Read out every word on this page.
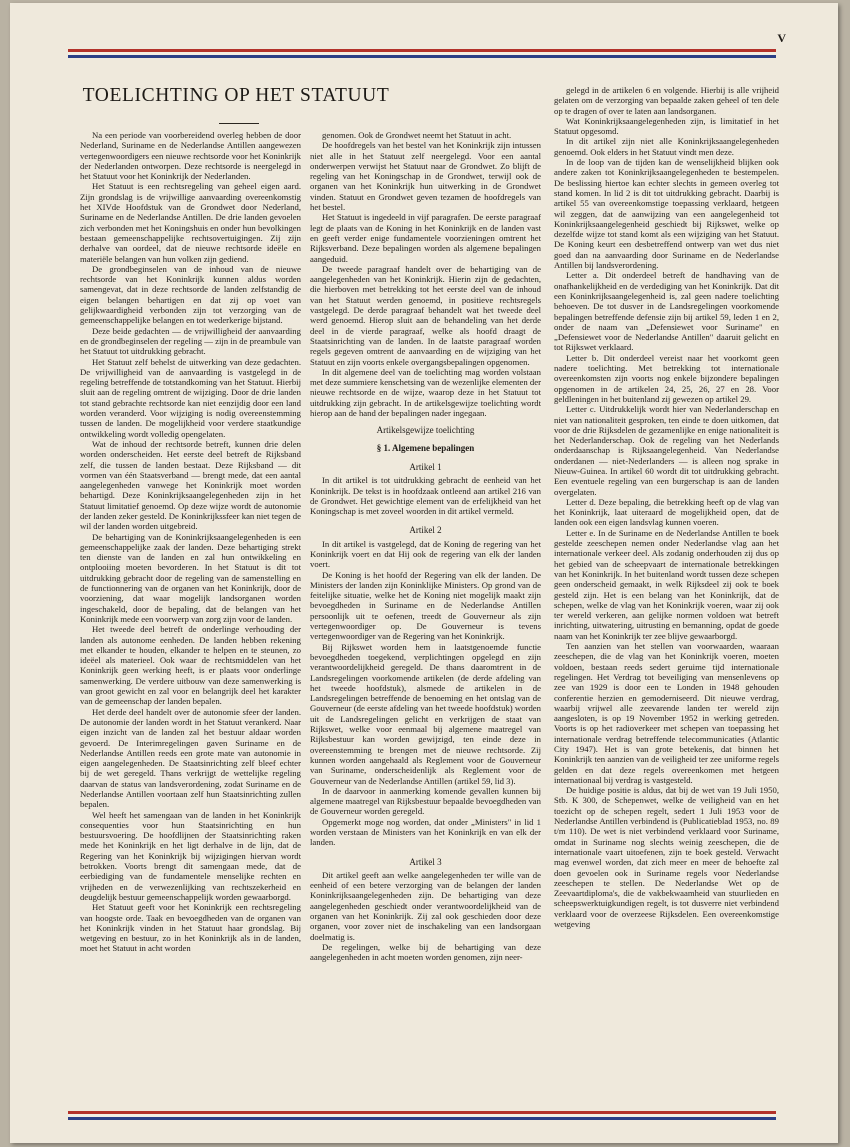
V
TOELICHTING OP HET STATUUT

Na een periode van voorbereidend overleg hebben de door Nederland, Suriname en de Nederlandse Antillen aangewezen vertegenwoordigers een nieuwe rechtsorde voor het Koninkrijk der Nederlanden ontworpen. Deze rechtsorde is neergelegd in het Statuut voor het Koninkrijk der Nederlanden.

Het Statuut is een rechtsregeling van geheel eigen aard. Zijn grondslag is de vrijwillige aanvaarding overeenkomstig het XIVde Hoofdstuk van de Grondwet door Nederland, Suriname en de Nederlandse Antillen. De drie landen gevoelen zich verbonden met het Koningshuis en onder hun bevolkingen bestaan gemeenschappelijke rechtsovertuigingen. Zij zijn derhalve van oordeel, dat de nieuwe rechtsorde ideële en materiële belangen van hun volken zijn gediend.

De grondbeginselen van de inhoud van de nieuwe rechtsorde van het Koninkrijk kunnen aldus worden samengevat, dat in deze rechtsorde de landen zelfstandig de eigen belangen behartigen en dat zij op voet van gelijkwaardigheid verbonden zijn tot verzorging van de gemeenschappelijke belangen en tot wederkerige bijstand.

Deze beide gedachten — de vrijwilligheid der aanvaarding en de grondbeginselen der regeling — zijn in de preambule van het Statuut tot uitdrukking gebracht.

Het Statuut zelf behelst de uitwerking van deze gedachten. De vrijwilligheid van de aanvaarding is vastgelegd in de regeling betreffende de totstandkoming van het Statuut. Hierbij sluit aan de regeling omtrent de wijziging. Door de drie landen tot stand gebrachte rechtsorde kan niet eenzijdig door een land worden veranderd. Voor wijziging is nodig overeenstemming tussen de landen. De mogelijkheid voor verdere staatkundige ontwikkeling wordt volledig opengelaten.

Wat de inhoud der rechtsorde betreft, kunnen drie delen worden onderscheiden. Het eerste deel betreft de Rijksband zelf, die tussen de landen bestaat. Deze Rijksband — dit vormen van één Staatsverband — brengt mede, dat een aantal aangelegenheden vanwege het Koninkrijk moet worden behartigd. Deze Koninkrijksaangelegenheden zijn in het Statuut limitatief genoemd. Op deze wijze wordt de autonomie der landen zeker gesteld. De Koninkrijkssfeer kan niet tegen de wil der landen worden uitgebreid.

De behartiging van de Koninkrijksaangelegenheden is een gemeenschappelijke zaak der landen. Deze behartiging strekt ten dienste van de landen en zal hun ontwikkeling en ontplooiing moeten bevorderen. In het Statuut is dit tot uitdrukking gebracht door de regeling van de samenstelling en de functionnering van de organen van het Koninkrijk, door de voorziening, dat waar mogelijk landsorganen worden ingeschakeld, door de bepaling, dat de belangen van het Koninkrijk mede een voorwerp van zorg zijn voor de landen.

Het tweede deel betreft de onderlinge verhouding der landen als autonome eenheden. De landen hebben rekening met elkander te houden, elkander te helpen en te steunen, zo ideëel als materieel. Ook waar de rechtsmiddelen van het Koninkrijk geen werking heeft, is er plaats voor onderlinge samenwerking. De verdere uitbouw van deze samenwerking is van groot gewicht en zal voor en belangrijk deel het karakter van de gemeenschap der landen bepalen.

Het derde deel handelt over de autonomie sfeer der landen. De autonomie der landen wordt in het Statuut verankerd. Naar eigen inzicht van de landen zal het bestuur aldaar worden gevoerd. De Interimregelingen gaven Suriname en de Nederlandse Antillen reeds een grote mate van autonomie in eigen aangelegenheden. De Staatsinrichting zelf bleef echter bij de wet geregeld. Thans verkrijgt de wettelijke regeling daarvan de status van landsverordening, zodat Suriname en de Nederlandse Antillen voortaan zelf hun Staatsinrichting zullen bepalen.

Wel heeft het samengaan van de landen in het Koninkrijk consequenties voor hun Staatsinrichting en hun bestuursvoering. De hoofdlijnen der Staatsinrichting raken mede het Koninkrijk en het ligt derhalve in de lijn, dat de Regering van het Koninkrijk bij wijzigingen hiervan wordt betrokken. Voorts brengt dit samengaan mede, dat de eerbiediging van de fundamentele menselijke rechten en vrijheden en de verwezenlijking van rechtszekerheid en deugdelijk bestuur gemeenschappelijk worden gewaarborgd.

Het Statuut geeft voor het Koninkrijk een rechtsregeling van hoogste orde. Taak en bevoegdheden van de organen van het Koninkrijk vinden in het Statuut haar grondslag. Bij wetgeving en bestuur, zo in het Koninkrijk als in de landen, moet het Statuut in acht worden

genomen. Ook de Grondwet neemt het Statuut in acht.

De hoofdregels van het bestel van het Koninkrijk zijn intussen niet alle in het Statuut zelf neergelegd. Voor een aantal onderwerpen verwijst het Statuut naar de Grondwet. Zo blijft de regeling van het Koningschap in de Grondwet, terwijl ook de organen van het Koninkrijk hun uitwerking in de Grondwet vinden. Statuut en Grondwet geven tezamen de hoofdregels van het bestel.

Het Statuut is ingedeeld in vijf paragrafen. De eerste paragraaf legt de plaats van de Koning in het Koninkrijk en de landen vast en geeft verder enige fundamentele voorzieningen omtrent het Rijksverband. Deze bepalingen worden als algemene bepalingen aangeduid.

De tweede paragraaf handelt over de behartiging van de aangelegenheden van het Koninkrijk. Hierin zijn de gedachten, die hierboven met betrekking tot het eerste deel van de inhoud van het Statuut werden genoemd, in positieve rechtsregels vastgelegd. De derde paragraaf behandelt wat het tweede deel werd genoemd. Hierop sluit aan de behandeling van het derde deel in de vierde paragraaf, welke als hoofd draagt de Staatsinrichting van de landen. In de laatste paragraaf worden regels gegeven omtrent de aanvaarding en de wijziging van het Statuut en zijn voorts enkele overgangsbepalingen opgenomen.

In dit algemene deel van de toelichting mag worden volstaan met deze summiere kenschetsing van de wezenlijke elementen der nieuwe rechtsorde en de wijze, waarop deze in het Statuut tot uitdrukking zijn gebracht. In de artikelsgewijze toelichting wordt hierop aan de hand der bepalingen nader ingegaan.

Artikelsgewijze toelichting
§ 1. Algemene bepalingen
Artikel 1

In dit artikel is tot uitdrukking gebracht de eenheid van het Koninkrijk. De tekst is in hoofdzaak ontleend aan artikel 216 van de Grondwet. Het gewichtige element van de erfelijkheid van het Koningschap is met zoveel woorden in dit artikel vermeld.

Artikel 2

In dit artikel is vastgelegd, dat de Koning de regering van het Koninkrijk voert en dat Hij ook de regering van elk der landen voert.

De Koning is het hoofd der Regering van elk der landen. De Ministers der landen zijn Koninklijke Ministers. Op grond van de feitelijke situatie, welke het de Koning niet mogelijk maakt zijn bevoegdheden in Suriname en de Nederlandse Antillen persoonlijk uit te oefenen, treedt de Gouverneur als zijn vertegenwoordiger op. De Gouverneur is tevens vertegenwoordiger van de Regering van het Koninkrijk.

Bij Rijkswet worden hem in laatstgenoemde functie bevoegdheden toegekend, verplichtingen opgelegd en zijn verantwoordelijkheid geregeld. De thans daaromtrent in de Landsregelingen voorkomende artikelen (de derde afdeling van het tweede hoofdstuk), alsmede de artikelen in de Landsregelingen betreffende de benoeming en het ontslag van de Gouverneur (de eerste afdeling van het tweede hoofdstuk) worden uit de Landsregelingen gelicht en verkrijgen de staat van Rijkswet, welke voor eenmaal bij algemene maatregel van Rijksbestuur kan worden gewijzigd, ten einde deze in overeenstemming te brengen met de nieuwe rechtsorde. Zij kunnen worden aangehaald als Reglement voor de Gouverneur van Suriname, onderscheidenlijk als Reglement voor de Gouverneur van de Nederlandse Antillen (artikel 59, lid 3).

In de daarvoor in aanmerking komende gevallen kunnen bij algemene maatregel van Rijksbestuur bepaalde bevoegdheden van de Gouverneur worden geregeld.

Opgemerkt moge nog worden, dat onder „Ministers" in lid 1 worden verstaan de Ministers van het Koninkrijk en van elk der landen.

Artikel 3

Dit artikel geeft aan welke aangelegenheden ter wille van de eenheid of een betere verzorging van de belangen der landen Koninkrijksaangelegenheden zijn. De behartiging van deze aangelegenheden geschiedt onder verantwoordelijkheid van de organen van het Koninkrijk. Zij zal ook geschieden door deze organen, voor zover niet de inschakeling van een landsorgaan doelmatig is.

De regelingen, welke bij de behartiging van deze aangelegenheden in acht moeten worden genomen, zijn neer-

gelegd in de artikelen 6 en volgende. Hierbij is alle vrijheid gelaten om de verzorging van bepaalde zaken geheel of ten dele op te dragen of over te laten aan landsorganen.

Wat Koninkrijksaangelegenheden zijn, is limitatief in het Statuut opgesomd.

In dit artikel zijn niet alle Koninkrijksaangelegenheden genoemd. Ook elders in het Statuut vindt men deze.

In de loop van de tijden kan de wenselijkheid blijken ook andere zaken tot Koninkrijksaangelegenheden te bestempelen. De beslissing hiertoe kan echter slechts in gemeen overleg tot stand komen. In lid 2 is dit tot uitdrukking gebracht. Daarbij is artikel 55 van overeenkomstige toepassing verklaard, hetgeen wil zeggen, dat de aanwijzing van een aangelegenheid tot Koninkrijksaangelegenheid geschiedt bij Rijkswet, welke op dezelfde wijze tot stand komt als een wijziging van het Statuut. De Koning keurt een desbetreffend ontwerp van wet dus niet goed dan na aanvaarding door Suriname en de Nederlandse Antillen bij landsverordening.

Letter a. Dit onderdeel betreft de handhaving van de onafhankelijkheid en de verdediging van het Koninkrijk. Dat dit een Koninkrijksaangelegenheid is, zal geen nadere toelichting behoeven. De tot dusver in de Landsregelingen voorkomende bepalingen betreffende defensie zijn bij artikel 59, leden 1 en 2, onder de naam van „Defensiewet voor Suriname" en „Defensiewet voor de Nederlandse Antillen" daaruit gelicht en tot Rijkswet verklaard.

Letter b. Dit onderdeel vereist naar het voorkomt geen nadere toelichting. Met betrekking tot internationale overeenkomsten zijn voorts nog enkele bijzondere bepalingen opgenomen in de artikelen 24, 25, 26, 27 en 28. Voor geldleningen in het buitenland zij gewezen op artikel 29.

Letter c. Uitdrukkelijk wordt hier van Nederlanderschap en niet van nationaliteit gesproken, ten einde te doen uitkomen, dat voor de drie Rijksdelen de gezamenlijke en enige nationaliteit is het Nederlanderschap. Ook de regeling van het Nederlands onderdaanschap is Rijksaangelegenheid. Van Nederlandse onderdanen — niet-Nederlanders — is alleen nog sprake in Nieuw-Guinea. In artikel 60 wordt dit tot uitdrukking gebracht. Een eventuele regeling van een burgerschap is aan de landen overgelaten.

Letter d. Deze bepaling, die betrekking heeft op de vlag van het Koninkrijk, laat uiteraard de mogelijkheid open, dat de landen ook een eigen landsvlag kunnen voeren.

Letter e. In de Suriname en de Nederlandse Antillen te boek gestelde zeeschepen nemen onder Nederlandse vlag aan het internationale verkeer deel. Als zodanig onderhouden zij dus op het gebied van de scheepvaart de internationale betrekkingen van het Koninkrijk. In het buitenland wordt tussen deze schepen geen onderscheid gemaakt, in welk Rijksdeel zij ook te boek gesteld zijn. Het is een belang van het Koninkrijk, dat de schepen, welke de vlag van het Koninkrijk voeren, waar zij ook ter wereld verkeren, aan gelijke normen voldoen wat betreft inrichting, uitwatering, uitrusting en bemanning, opdat de goede naam van het Koninkrijk ter zee blijve gewaarborgd.

Ten aanzien van het stellen van voorwaarden, waaraan zeeschepen, die de vlag van het Koninkrijk voeren, moeten voldoen, bestaan reeds sedert geruime tijd internationale regelingen. Het Verdrag tot beveiliging van mensenlevens op zee van 1929 is door een te Londen in 1948 gehouden conferentie herzien en gemoderniseerd. Dit nieuwe verdrag, waarbij vrijwel alle zeevarende landen ter wereld zijn aangesloten, is op 19 November 1952 in werking getreden. Voorts is op het radioverkeer met schepen van toepassing het internationale verdrag betreffende telecommunicaties (Atlantic City 1947). Het is van grote betekenis, dat binnen het Koninkrijk ten aanzien van de veiligheid ter zee uniforme regels gelden en dat deze regels overeenkomen met hetgeen internationaal bij verdrag is vastgesteld.

De huidige positie is aldus, dat bij de wet van 19 Juli 1950, Stb. K 300, de Schepenwet, welke de veiligheid van en het toezicht op de schepen regelt, sedert 1 Juli 1953 voor de Nederlandse Antillen verbindend is (Publicatieblad 1953, no. 89 t/m 110). De wet is niet verbindend verklaard voor Suriname, omdat in Suriname nog slechts weinig zeeschepen, die de internationale vaart uitoefenen, zijn te boek gesteld. Verwacht mag evenwel worden, dat zich meer en meer de behoefte zal doen gevoelen ook in Suriname regels voor Nederlandse zeeschepen te stellen. De Nederlandse Wet op de Zeevaartdiploma's, die de vakbekwaamheid van stuurlieden en scheepswerktuigkundigen regelt, is tot dusverre niet verbindend verklaard voor de overzeese Rijksdelen. Een overeenkomstige wetgeving
